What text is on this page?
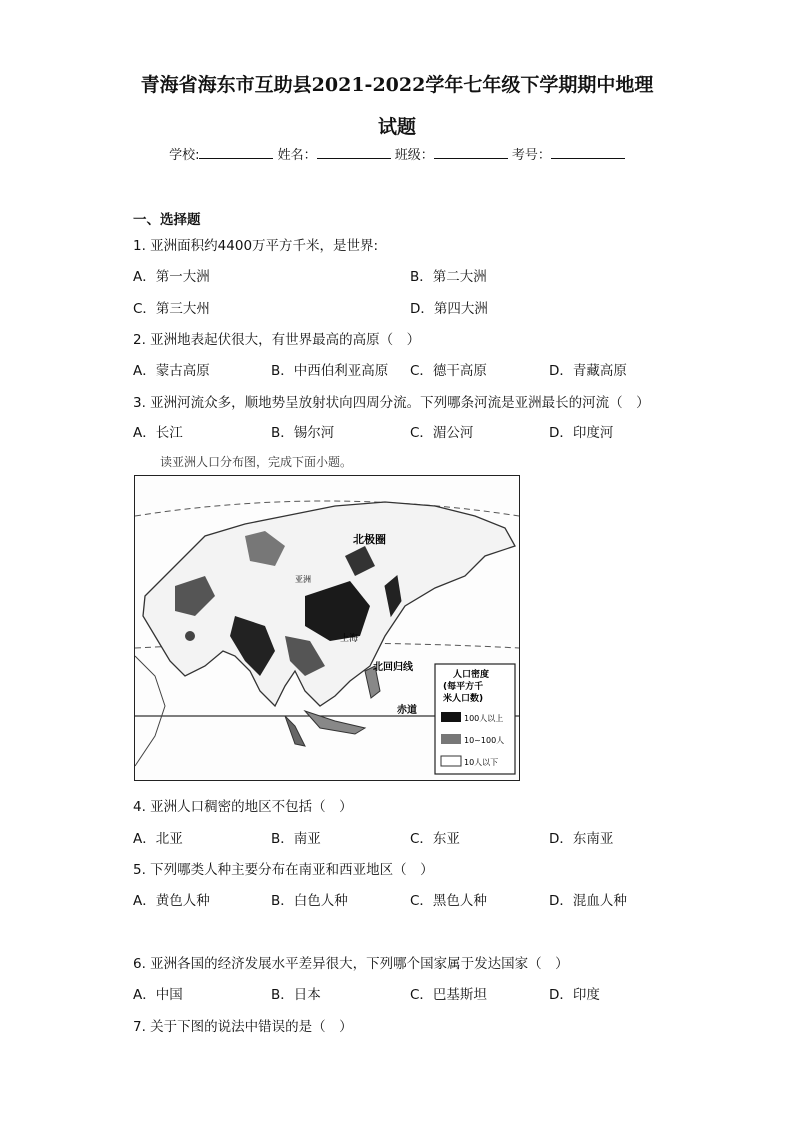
青海省海东市互助县2021-2022学年七年级下学期期中地理
试题
学校:	姓名：	班级：	考号：
一、选择题
1. 亚洲面积约4400万平方千米，是世界:
A．第一大洲	B．第二大洲
C．第三大州	D．第四大洲
2. 亚洲地表起伏很大，有世界最高的高原（　）
A．蒙古高原	B．中西伯利亚高原 C．德干高原	D．青藏高原
3. 亚洲河流众多，顺地势呈放射状向四周分流。下列哪条河流是亚洲最长的河流（　）
A．长江	B．锡尔河	C．湄公河	D．印度河
读亚洲人口分布图，完成下面小题。
北极圈
亚洲
上海
北回归线
赤道
人口密度
(每平方千
米人口数)
100人以上
10~100人
10人以下
4. 亚洲人口稠密的地区不包括（　）
A．北亚	B．南亚	C．东亚	D．东南亚
5. 下列哪类人种主要分布在南亚和西亚地区（　）
A．黄色人种	B．白色人种	C．黑色人种	D．混血人种
6. 亚洲各国的经济发展水平差异很大，下列哪个国家属于发达国家（　）
A．中国	B．日本	C．巴基斯坦	D．印度
7. 关于下图的说法中错误的是（　）
